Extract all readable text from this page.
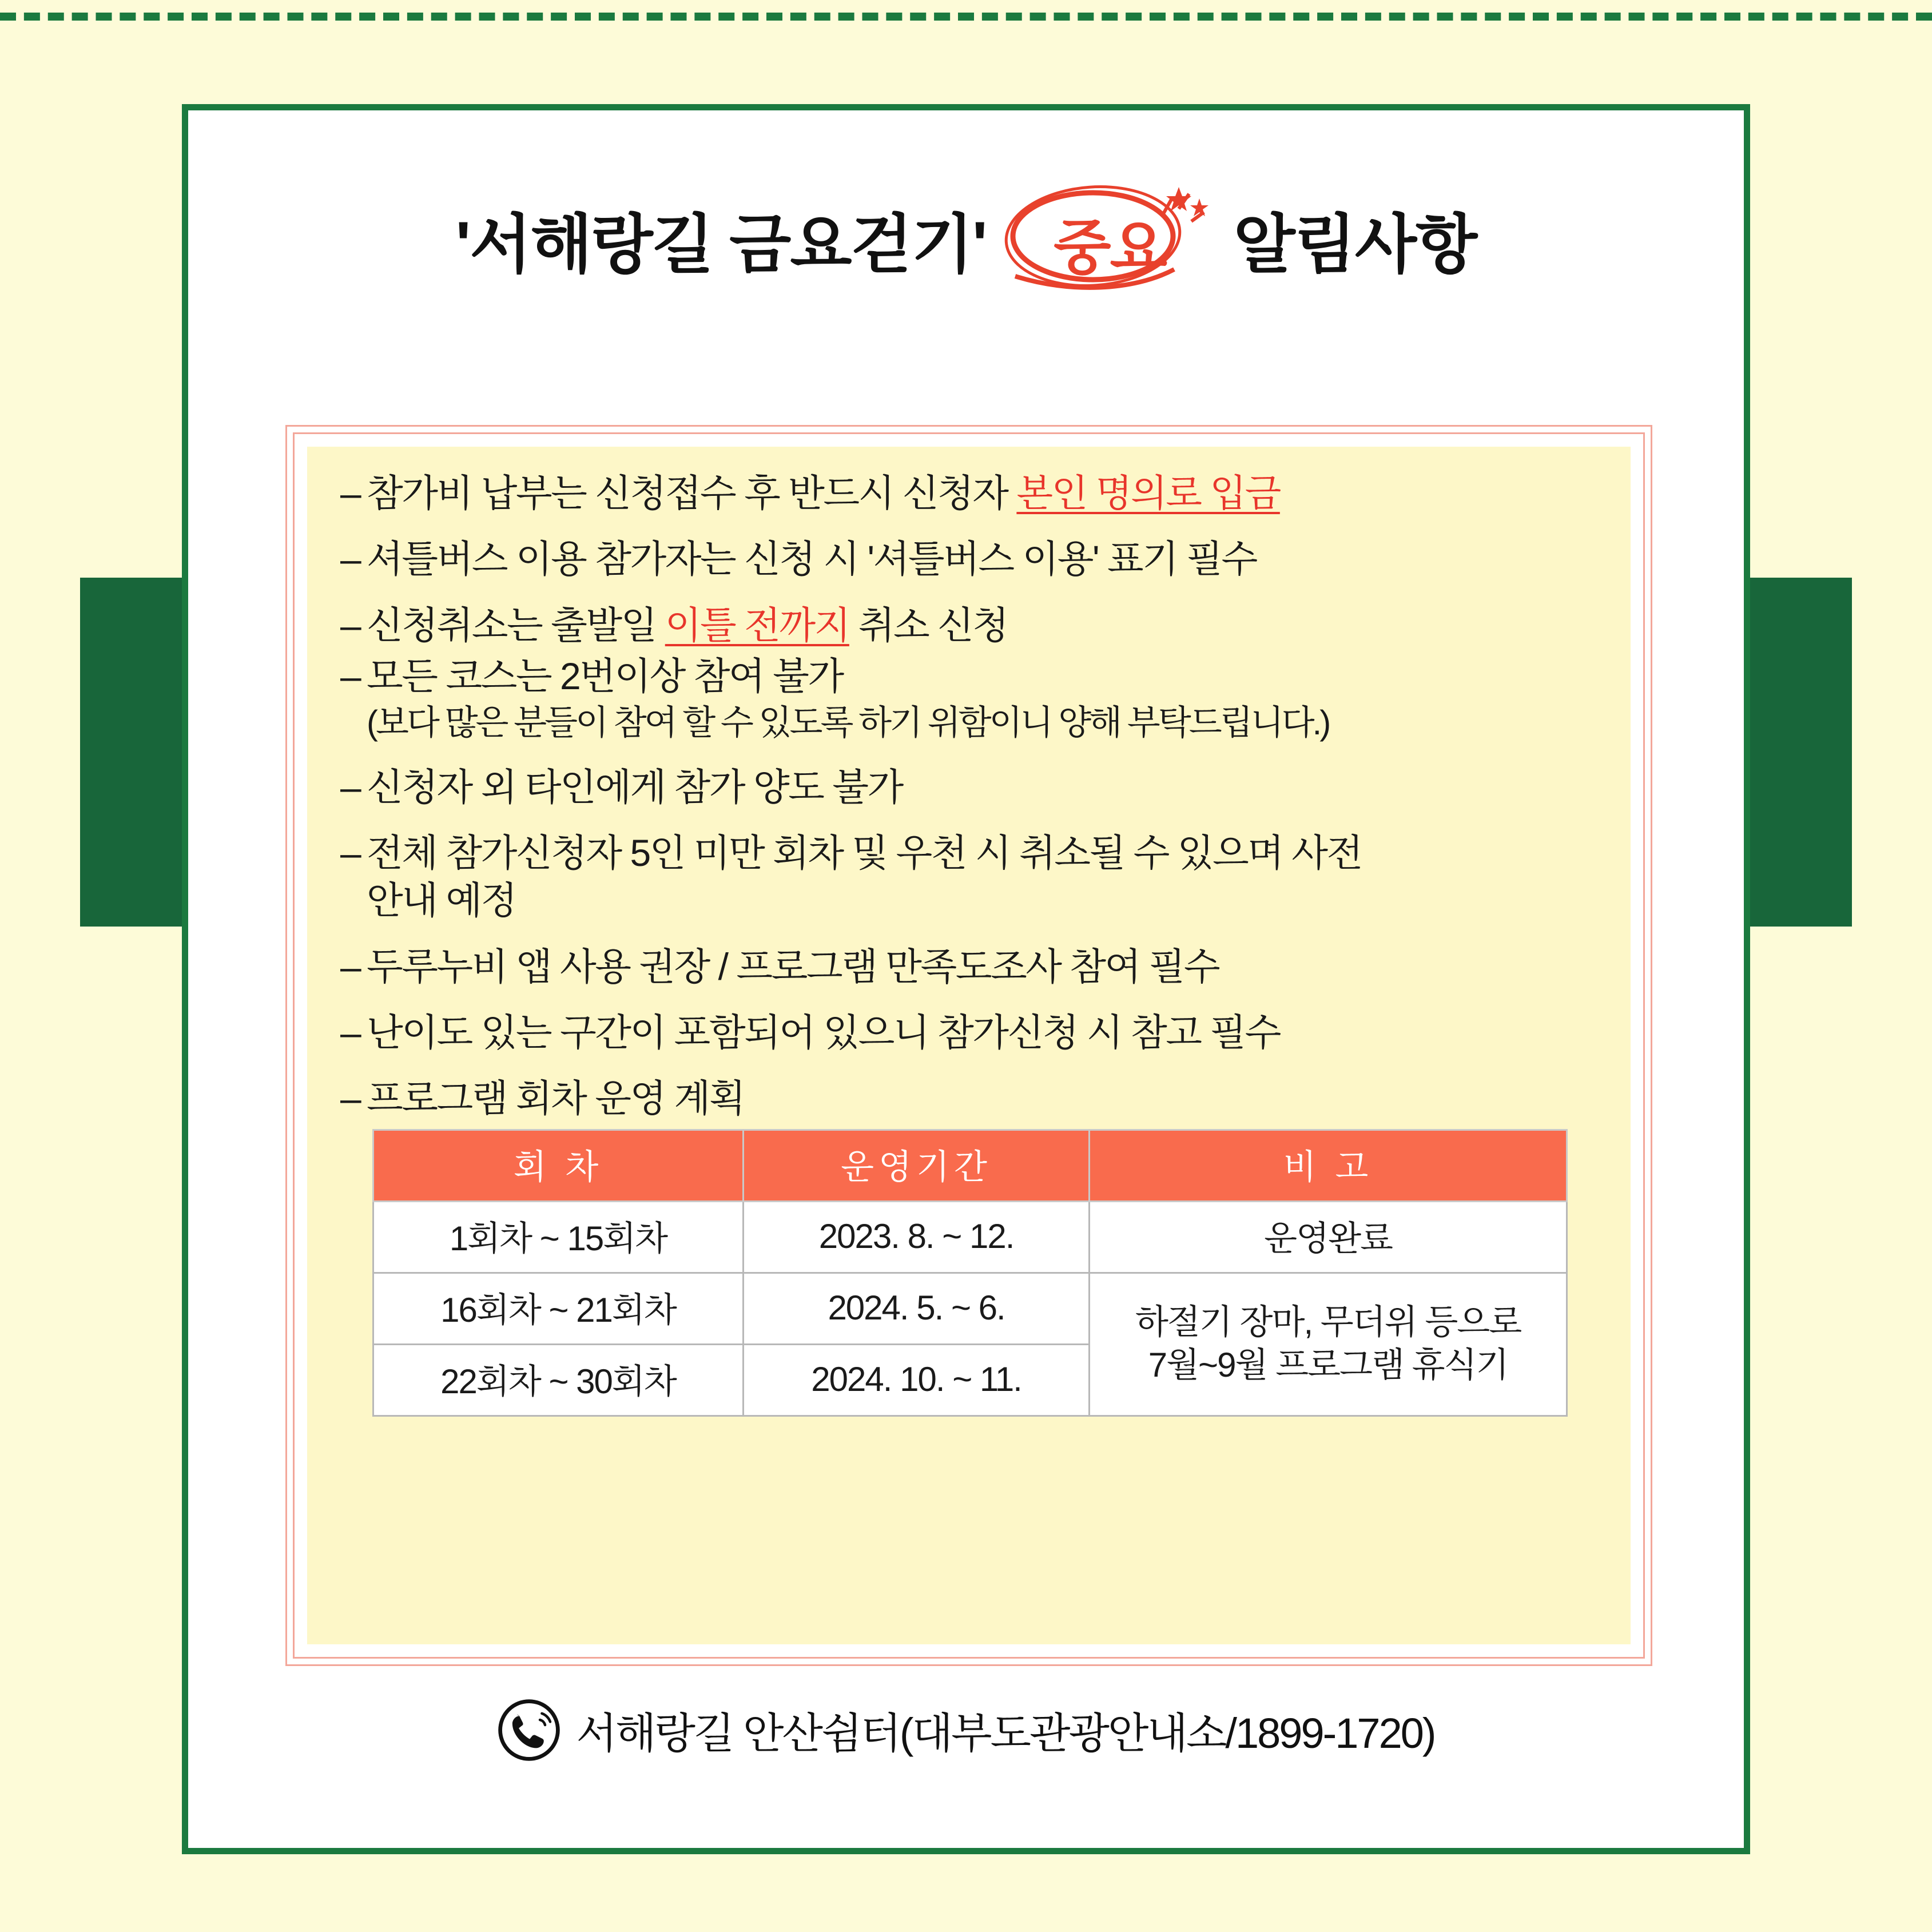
'서해랑길 금요걷기' 중요 알림사항
– 참가비 납부는 신청접수 후 반드시 신청자 본인 명의로 입금
– 셔틀버스 이용 참가자는 신청 시 '셔틀버스 이용' 표기 필수
– 신청취소는 출발일 이틀 전까지 취소 신청
– 모든 코스는 2번이상 참여 불가
(보다 많은 분들이 참여 할 수 있도록 하기 위함이니 양해 부탁드립니다.)
– 신청자 외 타인에게 참가 양도 불가
– 전체 참가신청자 5인 미만 회차 및 우천 시 취소될 수 있으며 사전
안내 예정
– 두루누비 앱 사용 권장 / 프로그램 만족도조사 참여 필수
– 난이도 있는 구간이 포함되어 있으니 참가신청 시 참고 필수
– 프로그램 회차 운영 계획
회 차	운영기간	비 고
1회차 ~ 15회차	2023. 8. ~ 12.	운영완료
16회차 ~ 21회차	2024. 5. ~ 6.	하절기 장마, 무더위 등으로
7월~9월 프로그램 휴식기
22회차 ~ 30회차	2024. 10. ~ 11.	
서해랑길 안산쉼터(대부도관광안내소/1899-1720)
